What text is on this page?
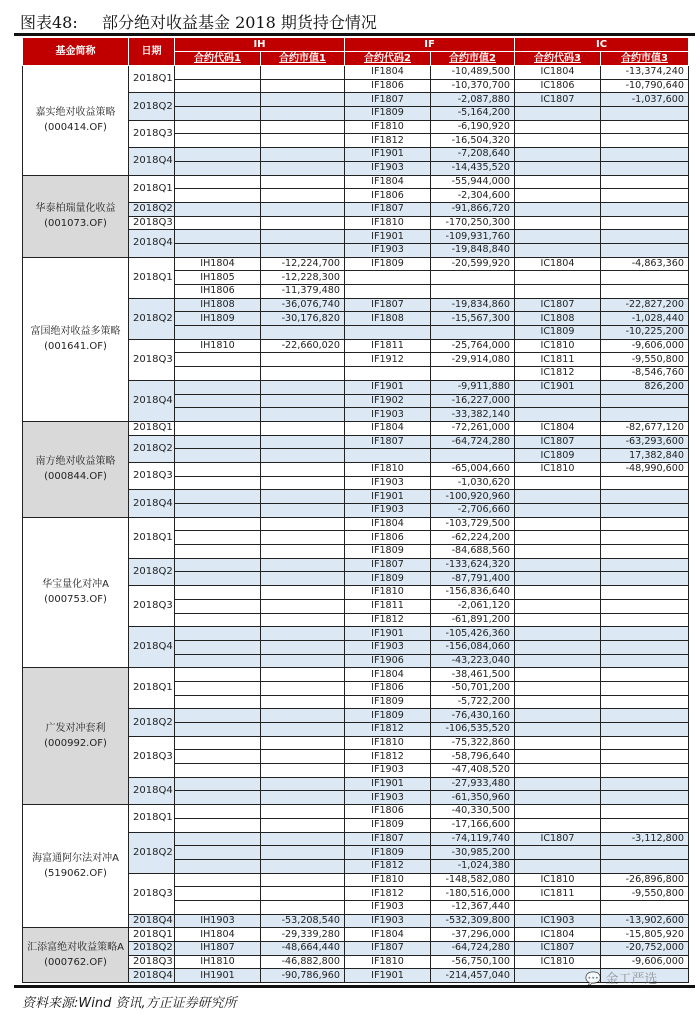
图表48: 部分绝对收益基金 2018 期货持仓情况
基金简称	日期	IH		IF		IC	
		合约代码1	合约市值1	合约代码2	合约市值2	合约代码3	合约市值3

嘉实绝对收益策略
(000414.OF)	2018Q1			IF1804	-10,489,500	IC1804	-13,374,240
				IF1806	-10,370,700	IC1806	-10,790,640
	2018Q2			IF1807	-2,087,880	IC1807	-1,037,600
				IF1809	-5,164,200		
	2018Q3			IF1810	-6,190,920		
				IF1812	-16,504,320		
	2018Q4			IF1901	-7,208,640		
				IF1903	-14,435,520		

华泰柏瑞量化收益
(001073.OF)	2018Q1			IF1804	-55,944,000		
				IF1806	-2,304,600		
	2018Q2			IF1807	-91,866,720		
	2018Q3			IF1810	-170,250,300		
	2018Q4			IF1901	-109,931,760		
				IF1903	-19,848,840		

富国绝对收益多策略
(001641.OF)	2018Q1	IH1804	-12,224,700	IF1809	-20,599,920	IC1804	-4,863,360
		IH1805	-12,228,300				
		IH1806	-11,379,480				
	2018Q2	IH1808	-36,076,740	IF1807	-19,834,860	IC1807	-22,827,200
		IH1809	-30,176,820	IF1808	-15,567,300	IC1808	-1,028,440
						IC1809	-10,225,200
	2018Q3	IH1810	-22,660,020	IF1811	-25,764,000	IC1810	-9,606,000
				IF1912	-29,914,080	IC1811	-9,550,800
						IC1812	-8,546,760
	2018Q4			IF1901	-9,911,880	IC1901	826,200
				IF1902	-16,227,000		
				IF1903	-33,382,140		

南方绝对收益策略
(000844.OF)	2018Q1			IF1804	-72,261,000	IC1804	-82,677,120
	2018Q2			IF1807	-64,724,280	IC1807	-63,293,600
						IC1809	17,382,840
	2018Q3			IF1810	-65,004,660	IC1810	-48,990,600
				IF1903	-1,030,620		
	2018Q4			IF1901	-100,920,960		
				IF1903	-2,706,660		

华宝量化对冲A
(000753.OF)	2018Q1			IF1804	-103,729,500		
				IF1806	-62,224,200		
				IF1809	-84,688,560		
	2018Q2			IF1807	-133,624,320		
				IF1809	-87,791,400		
	2018Q3			IF1810	-156,836,640		
				IF1811	-2,061,120		
				IF1812	-61,891,200		
	2018Q4			IF1901	-105,426,360		
				IF1903	-156,084,060		
				IF1906	-43,223,040		

广发对冲套利
(000992.OF)	2018Q1			IF1804	-38,461,500		
				IF1806	-50,701,200		
				IF1809	-5,722,200		
	2018Q2			IF1809	-76,430,160		
				IF1812	-106,535,520		
	2018Q3			IF1810	-75,322,860		
				IF1812	-58,796,640		
				IF1903	-47,408,520		
	2018Q4			IF1901	-27,933,480		
				IF1903	-61,350,960		

海富通阿尔法对冲A
(519062.OF)	2018Q1			IF1806	-40,330,500		
				IF1809	-17,166,600		
	2018Q2			IF1807	-74,119,740	IC1807	-3,112,800
				IF1809	-30,985,200		
				IF1812	-1,024,380		
	2018Q3			IF1810	-148,582,080	IC1810	-26,896,800
				IF1812	-180,516,000	IC1811	-9,550,800
				IF1903	-12,367,440		
	2018Q4	IH1903	-53,208,540	IF1903	-532,309,800	IC1903	-13,902,600

汇添富绝对收益策略A
(000762.OF)	2018Q1	IH1804	-29,339,280	IF1804	-37,296,000	IC1804	-15,805,920
	2018Q2	IH1807	-48,664,440	IF1807	-64,724,280	IC1807	-20,752,000
	2018Q3	IH1810	-46,882,800	IF1810	-56,750,100	IC1810	-9,606,000
	2018Q4	IH1901	-90,786,960	IF1901	-214,457,040		
资料来源:Wind 资讯,方正证券研究所
💬 金工严选
